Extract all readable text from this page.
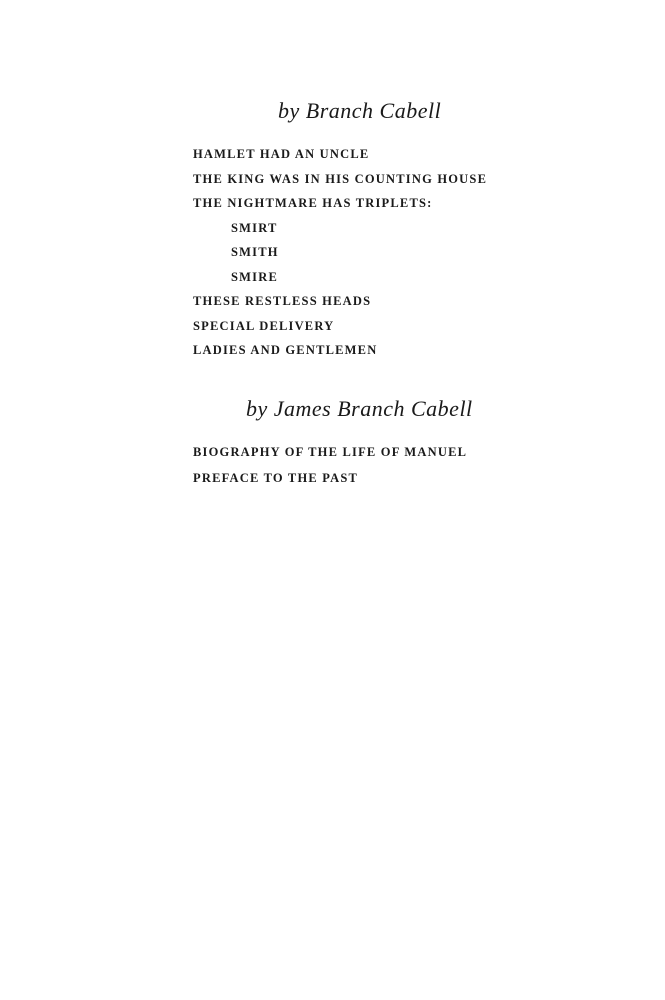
by Branch Cabell
HAMLET HAD AN UNCLE
THE KING WAS IN HIS COUNTING HOUSE
THE NIGHTMARE HAS TRIPLETS:
SMIRT
SMITH
SMIRE
THESE RESTLESS HEADS
SPECIAL DELIVERY
LADIES AND GENTLEMEN
by James Branch Cabell
BIOGRAPHY OF THE LIFE OF MANUEL
PREFACE TO THE PAST
